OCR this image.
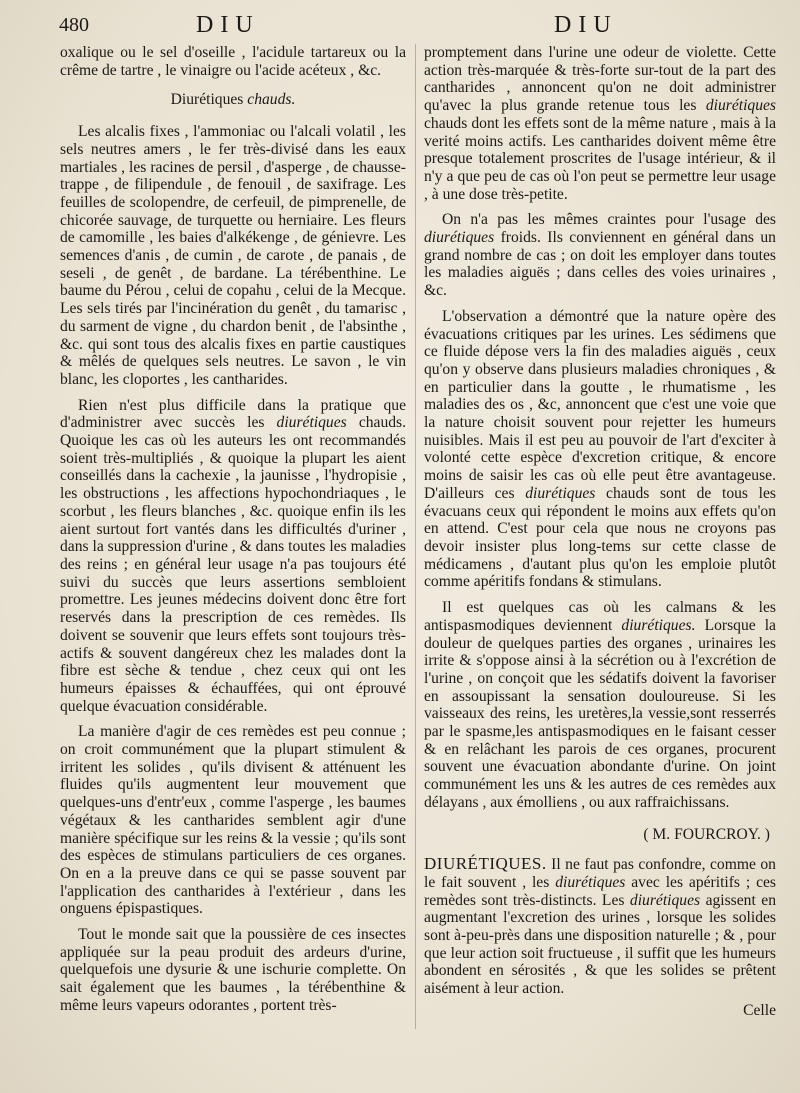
480	DIU	DIU

oxalique ou le sel d'oseille , l'acidule tartareux ou la crême de tartre , le vinaigre ou l'acide acéteux , &c.

Diurétiques chauds.

Les alcalis fixes , l'ammoniac ou l'alcali volatil , les sels neutres amers , le fer très-divisé dans les eaux martiales , les racines de persil , d'asperge , de chausse-trappe , de filipendule , de fenouil , de saxifrage. Les feuilles de scolopendre, de cerfeuil, de pimprenelle, de chicorée sauvage, de turquette ou herniaire. Les fleurs de camomille , les baies d'alkékenge , de génievre. Les semences d'anis , de cumin , de carote , de panais , de seseli , de genêt , de bardane. La térébenthine. Le baume du Pérou , celui de copahu , celui de la Mecque. Les sels tirés par l'incinération du genêt , du tamarisc , du sarment de vigne , du chardon benit , de l'absinthe , &c. qui sont tous des alcalis fixes en partie caustiques & mêlés de quelques sels neutres. Le savon , le vin blanc, les cloportes , les cantharides.

Rien n'est plus difficile dans la pratique que d'administrer avec succès les diurétiques chauds. Quoique les cas où les auteurs les ont recommandés soient très-multipliés , & quoique la plupart les aient conseillés dans la cachexie , la jaunisse , l'hydropisie , les obstructions , les affections hypochondriaques , le scorbut , les fleurs blanches , &c. quoique enfin ils les aient surtout fort vantés dans les difficultés d'uriner , dans la suppression d'urine , & dans toutes les maladies des reins ; en général leur usage n'a pas toujours été suivi du succès que leurs assertions sembloient promettre. Les jeunes médecins doivent donc être fort reservés dans la prescription de ces remèdes. Ils doivent se souvenir que leurs effets sont toujours très-actifs & souvent dangéreux chez les malades dont la fibre est sèche & tendue , chez ceux qui ont les humeurs épaisses & échauffées, qui ont éprouvé quelque évacuation considérable.

La manière d'agir de ces remèdes est peu connue ; on croit communément que la plupart stimulent & irritent les solides , qu'ils divisent & atténuent les fluides qu'ils augmentent leur mouvement que quelques-uns d'entr'eux , comme l'asperge , les baumes végétaux & les cantharides semblent agir d'une manière spécifique sur les reins & la vessie ; qu'ils sont des espèces de stimulans particuliers de ces organes. On en a la preuve dans ce qui se passe souvent par l'application des cantharides à l'extérieur , dans les onguens épispastiques.

Tout le monde sait que la poussière de ces insectes appliquée sur la peau produit des ardeurs d'urine, quelquefois une dysurie & une ischurie complette. On sait également que les baumes , la térébenthine & même leurs vapeurs odorantes , portent très-

promptement dans l'urine une odeur de violette. Cette action très-marquée & très-forte sur-tout de la part des cantharides , annoncent qu'on ne doit administrer qu'avec la plus grande retenue tous les diurétiques chauds dont les effets sont de la même nature , mais à la verité moins actifs. Les cantharides doivent même être presque totalement proscrites de l'usage intérieur, & il n'y a que peu de cas où l'on peut se permettre leur usage , à une dose très-petite.

On n'a pas les mêmes craintes pour l'usage des diurétiques froids. Ils conviennent en général dans un grand nombre de cas ; on doit les employer dans toutes les maladies aiguës ; dans celles des voies urinaires , &c.

L'observation a démontré que la nature opère des évacuations critiques par les urines. Les sédimens que ce fluide dépose vers la fin des maladies aiguës , ceux qu'on y observe dans plusieurs maladies chroniques , & en particulier dans la goutte , le rhumatisme , les maladies des os , &c, annoncent que c'est une voie que la nature choisit souvent pour rejetter les humeurs nuisibles. Mais il est peu au pouvoir de l'art d'exciter à volonté cette espèce d'excretion critique, & encore moins de saisir les cas où elle peut être avantageuse. D'ailleurs ces diurétiques chauds sont de tous les évacuans ceux qui répondent le moins aux effets qu'on en attend. C'est pour cela que nous ne croyons pas devoir insister plus long-tems sur cette classe de médicamens , d'autant plus qu'on les emploie plutôt comme apéritifs fondans & stimulans.

Il est quelques cas où les calmans & les antispasmodiques deviennent diurétiques. Lorsque la douleur de quelques parties des organes , urinaires les irrite & s'oppose ainsi à la sécrétion ou à l'excrétion de l'urine , on conçoit que les sédatifs doivent la favoriser en assoupissant la sensation douloureuse. Si les vaisseaux des reins, les uretères,la vessie,sont resserrés par le spasme,les antispasmodiques en le faisant cesser & en relâchant les parois de ces organes, procurent souvent une évacuation abondante d'urine. On joint communément les uns & les autres de ces remèdes aux délayans , aux émolliens , ou aux raffraichissans.

( M. FOURCROY. )

DIURÉTIQUES. Il ne faut pas confondre, comme on le fait souvent , les diurétiques avec les apéritifs ; ces remèdes sont très-distincts. Les diurétiques agissent en augmentant l'excretion des urines , lorsque les solides sont à-peu-près dans une disposition naturelle ; & , pour que leur action soit fructueuse , il suffit que les humeurs abondent en sérosités , & que les solides se prêtent aisément à leur action.

Celle
